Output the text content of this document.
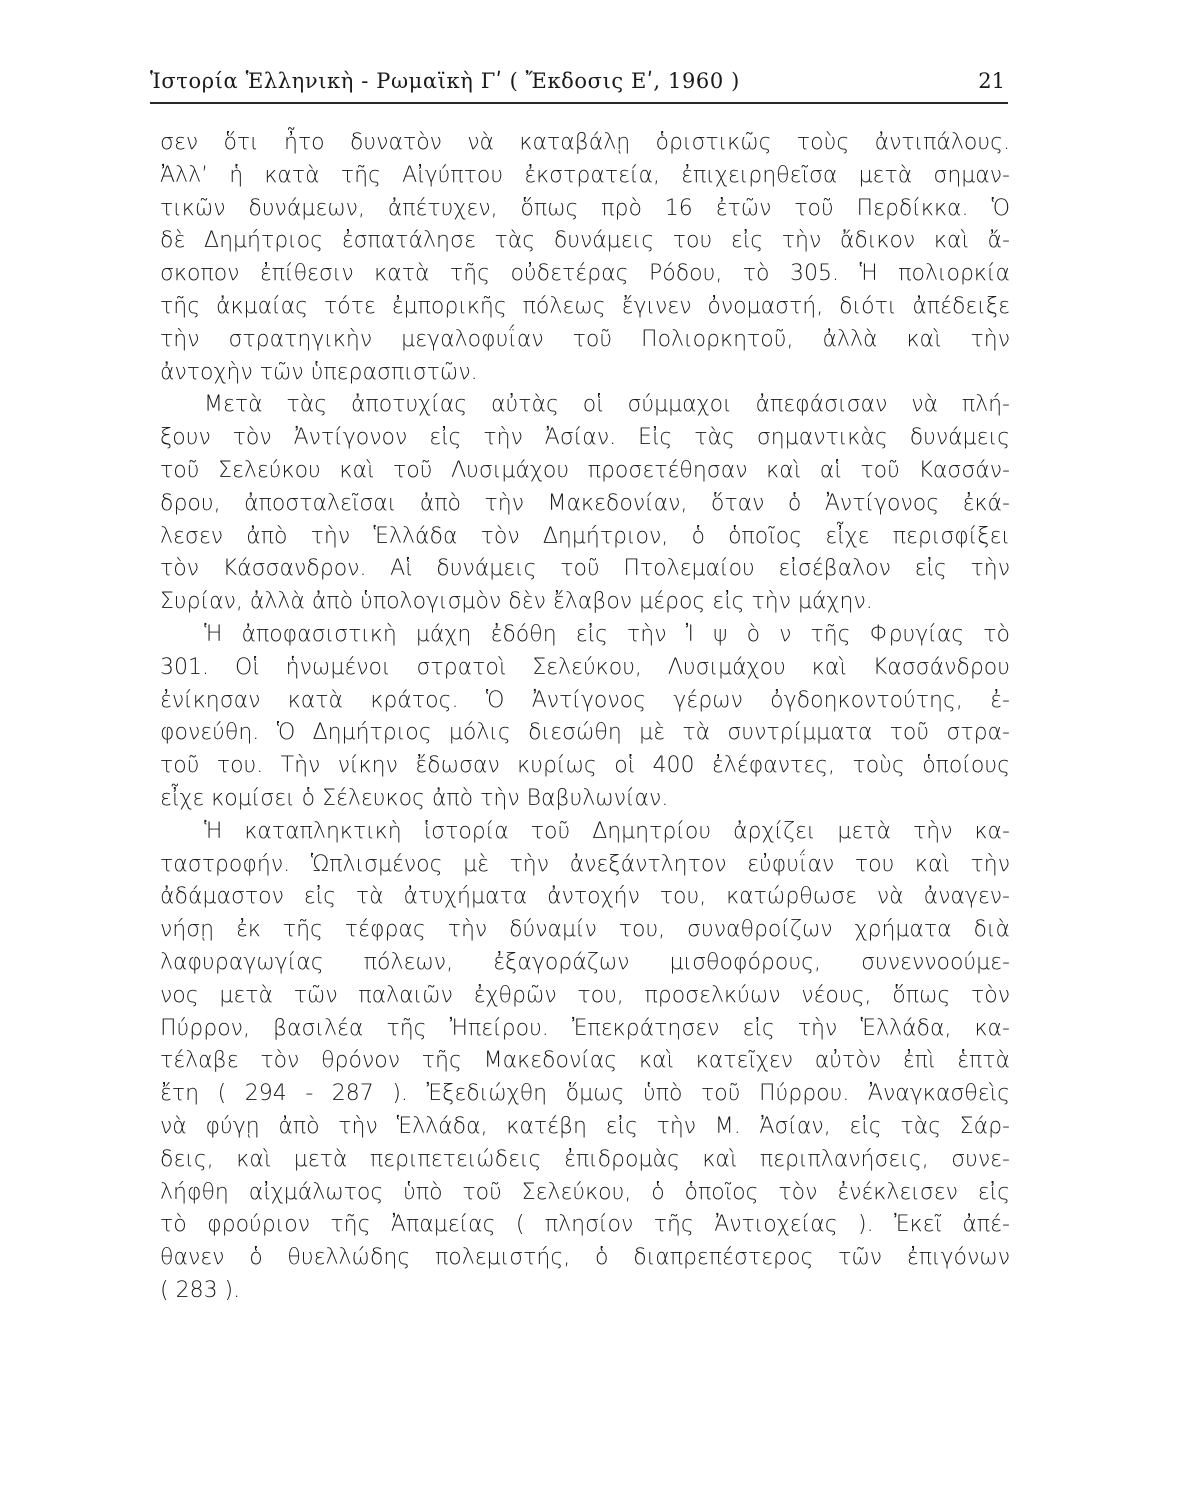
Ἱστορία Ἑλληνικὴ - Ρωμαϊκὴ Γʹ ( Ἔκδοσις Εʹ, 1960 )	21
σεν ὅτι ἦτο δυνατὸν νὰ καταβάλῃ ὁριστικῶς τοὺς ἀντιπάλους.
Ἀλλ’ ἡ κατὰ τῆς Αἰγύπτου ἐκστρατεία, ἐπιχειρηθεῖσα μετὰ σημαν-
τικῶν δυνάμεων, ἀπέτυχεν, ὅπως πρὸ 16 ἐτῶν τοῦ Περδίκκα. Ὁ
δὲ Δημήτριος ἐσπατάλησε τὰς δυνάμεις του εἰς τὴν ἄδικον καὶ ἄ-
σκοπον ἐπίθεσιν κατὰ τῆς οὐδετέρας Ρόδου, τὸ 305. Ἡ πολιορκία
τῆς ἀκμαίας τότε ἐμπορικῆς πόλεως ἔγινεν ὀνομαστή, διότι ἀπέδειξε
τὴν στρατηγικὴν μεγαλοφυΐαν τοῦ Πολιορκητοῦ, ἀλλὰ καὶ τὴν
ἀντοχὴν τῶν ὑπερασπιστῶν.
Μετὰ τὰς ἀποτυχίας αὐτὰς οἱ σύμμαχοι ἀπεφάσισαν νὰ πλή-
ξουν τὸν Ἀντίγονον εἰς τὴν Ἀσίαν. Εἰς τὰς σημαντικὰς δυνάμεις
τοῦ Σελεύκου καὶ τοῦ Λυσιμάχου προσετέθησαν καὶ αἱ τοῦ Κασσάν-
δρου, ἀποσταλεῖσαι ἀπὸ τὴν Μακεδονίαν, ὅταν ὁ Ἀντίγονος ἐκά-
λεσεν ἀπὸ τὴν Ἑλλάδα τὸν Δημήτριον, ὁ ὁποῖος εἶχε περισφίξει
τὸν Κάσσανδρον. Αἱ δυνάμεις τοῦ Πτολεμαίου εἰσέβαλον εἰς τὴν
Συρίαν, ἀλλὰ ἀπὸ ὑπολογισμὸν δὲν ἔλαβον μέρος εἰς τὴν μάχην.
Ἡ ἀποφασιστικὴ μάχη ἐδόθη εἰς τὴν Ἰ ψ ὸ ν τῆς Φρυγίας τὸ
301. Οἱ ἡνωμένοι στρατοὶ Σελεύκου, Λυσιμάχου καὶ Κασσάνδρου
ἐνίκησαν κατὰ κράτος. Ὁ Ἀντίγονος γέρων ὀγδοηκοντούτης, ἐ-
φονεύθη. Ὁ Δημήτριος μόλις διεσώθη μὲ τὰ συντρίμματα τοῦ στρα-
τοῦ του. Τὴν νίκην ἔδωσαν κυρίως οἱ 400 ἐλέφαντες, τοὺς ὁποίους
εἶχε κομίσει ὁ Σέλευκος ἀπὸ τὴν Βαβυλωνίαν.
Ἡ καταπληκτικὴ ἱστορία τοῦ Δημητρίου ἀρχίζει μετὰ τὴν κα-
ταστροφήν. Ὡπλισμένος μὲ τὴν ἀνεξάντλητον εὐφυΐαν του καὶ τὴν
ἀδάμαστον εἰς τὰ ἀτυχήματα ἀντοχήν του, κατώρθωσε νὰ ἀναγεν-
νήσῃ ἐκ τῆς τέφρας τὴν δύναμίν του, συναθροίζων χρήματα διὰ
λαφυραγωγίας πόλεων, ἐξαγοράζων μισθοφόρους, συνεννοούμε-
νος μετὰ τῶν παλαιῶν ἐχθρῶν του, προσελκύων νέους, ὅπως τὸν
Πύρρον, βασιλέα τῆς Ἠπείρου. Ἐπεκράτησεν εἰς τὴν Ἑλλάδα, κα-
τέλαβε τὸν θρόνον τῆς Μακεδονίας καὶ κατεῖχεν αὐτὸν ἐπὶ ἑπτὰ
ἔτη ( 294 - 287 ). Ἐξεδιώχθη ὅμως ὑπὸ τοῦ Πύρρου. Ἀναγκασθεὶς
νὰ φύγῃ ἀπὸ τὴν Ἑλλάδα, κατέβη εἰς τὴν Μ. Ἀσίαν, εἰς τὰς Σάρ-
δεις, καὶ μετὰ περιπετειώδεις ἐπιδρομὰς καὶ περιπλανήσεις, συνε-
λήφθη αἰχμάλωτος ὑπὸ τοῦ Σελεύκου, ὁ ὁποῖος τὸν ἐνέκλεισεν εἰς
τὸ φρούριον τῆς Ἀπαμείας ( πλησίον τῆς Ἀντιοχείας ). Ἐκεῖ ἀπέ-
θανεν ὁ θυελλώδης πολεμιστής, ὁ διαπρεπέστερος τῶν ἐπιγόνων
( 283 ).
